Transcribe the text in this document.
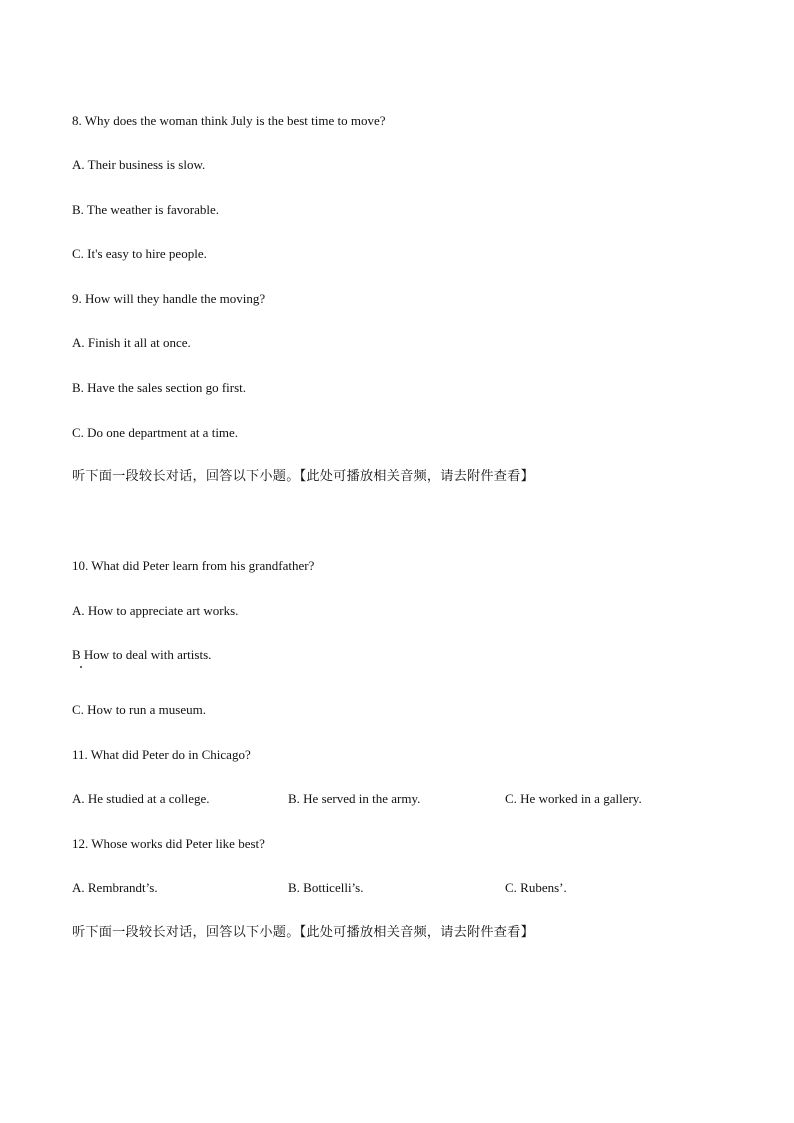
8. Why does the woman think July is the best time to move?
A. Their business is slow.
B. The weather is favorable.
C. It's easy to hire people.
9. How will they handle the moving?
A. Finish it all at once.
B. Have the sales section go first.
C. Do one department at a time.
听下面一段较长对话，回答以下小题。【此处可播放相关音频，请去附件查看】
10. What did Peter learn from his grandfather?
A. How to appreciate art works.
B How to deal with artists.
C. How to run a museum.
11. What did Peter do in Chicago?
A. He studied at a college.	B. He served in the army.	C. He worked in a gallery.
12. Whose works did Peter like best?
A. Rembrandt’s.	B. Botticelli’s.	C. Rubens’.
听下面一段较长对话，回答以下小题。【此处可播放相关音频，请去附件查看】
